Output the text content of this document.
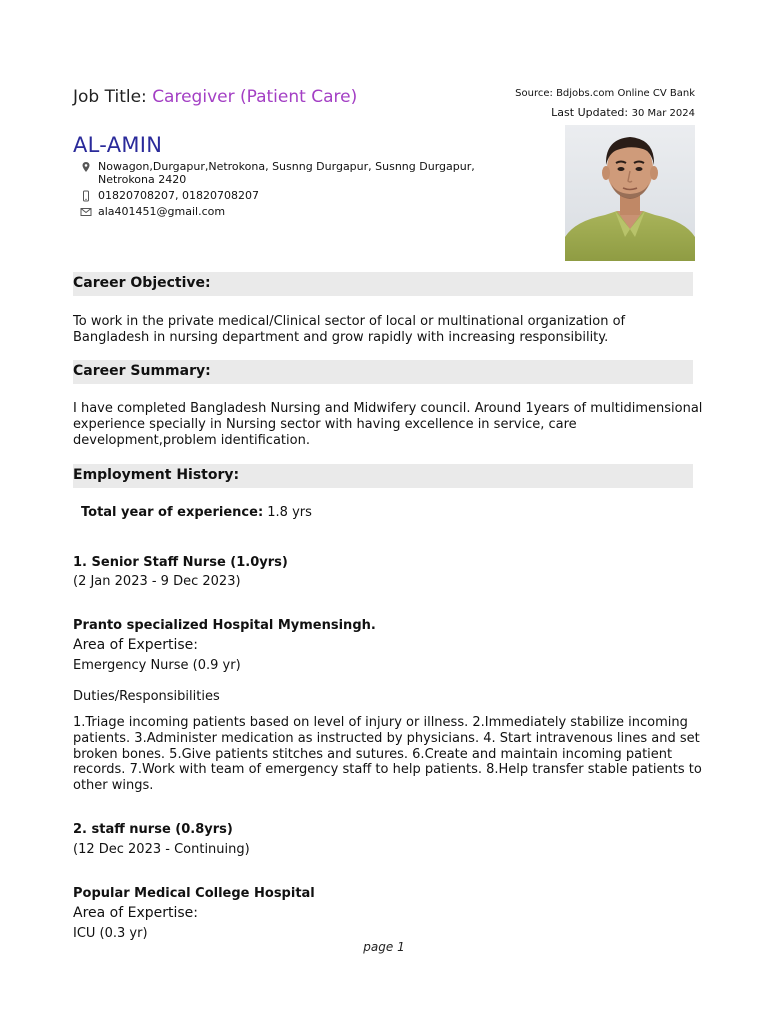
Job Title: Caregiver (Patient Care)	Source: Bdjobs.com Online CV Bank
Last Updated: 30 Mar 2024
AL-AMIN
Nowagon,Durgapur,Netrokona, Susnng Durgapur, Susnng Durgapur, Netrokona 2420
01820708207, 01820708207
ala401451@gmail.com
Career Objective:
To work in the private medical/Clinical sector of local or multinational organization of Bangladesh in nursing department and grow rapidly with increasing responsibility.
Career Summary:
I have completed Bangladesh Nursing and Midwifery council. Around 1years of multidimensional experience specially in Nursing sector with having excellence in service, care development,problem identification.
Employment History:
Total year of experience: 1.8 yrs
1. Senior Staff Nurse (1.0yrs)
(2 Jan 2023 - 9 Dec 2023)
Pranto specialized Hospital Mymensingh.
Area of Expertise:
Emergency Nurse (0.9 yr)
Duties/Responsibilities
1.Triage incoming patients based on level of injury or illness. 2.Immediately stabilize incoming patients. 3.Administer medication as instructed by physicians. 4. Start intravenous lines and set broken bones. 5.Give patients stitches and sutures. 6.Create and maintain incoming patient records. 7.Work with team of emergency staff to help patients. 8.Help transfer stable patients to other wings.
2. staff nurse (0.8yrs)
(12 Dec 2023 - Continuing)
Popular Medical College Hospital
Area of Expertise:
ICU (0.3 yr)
page 1
